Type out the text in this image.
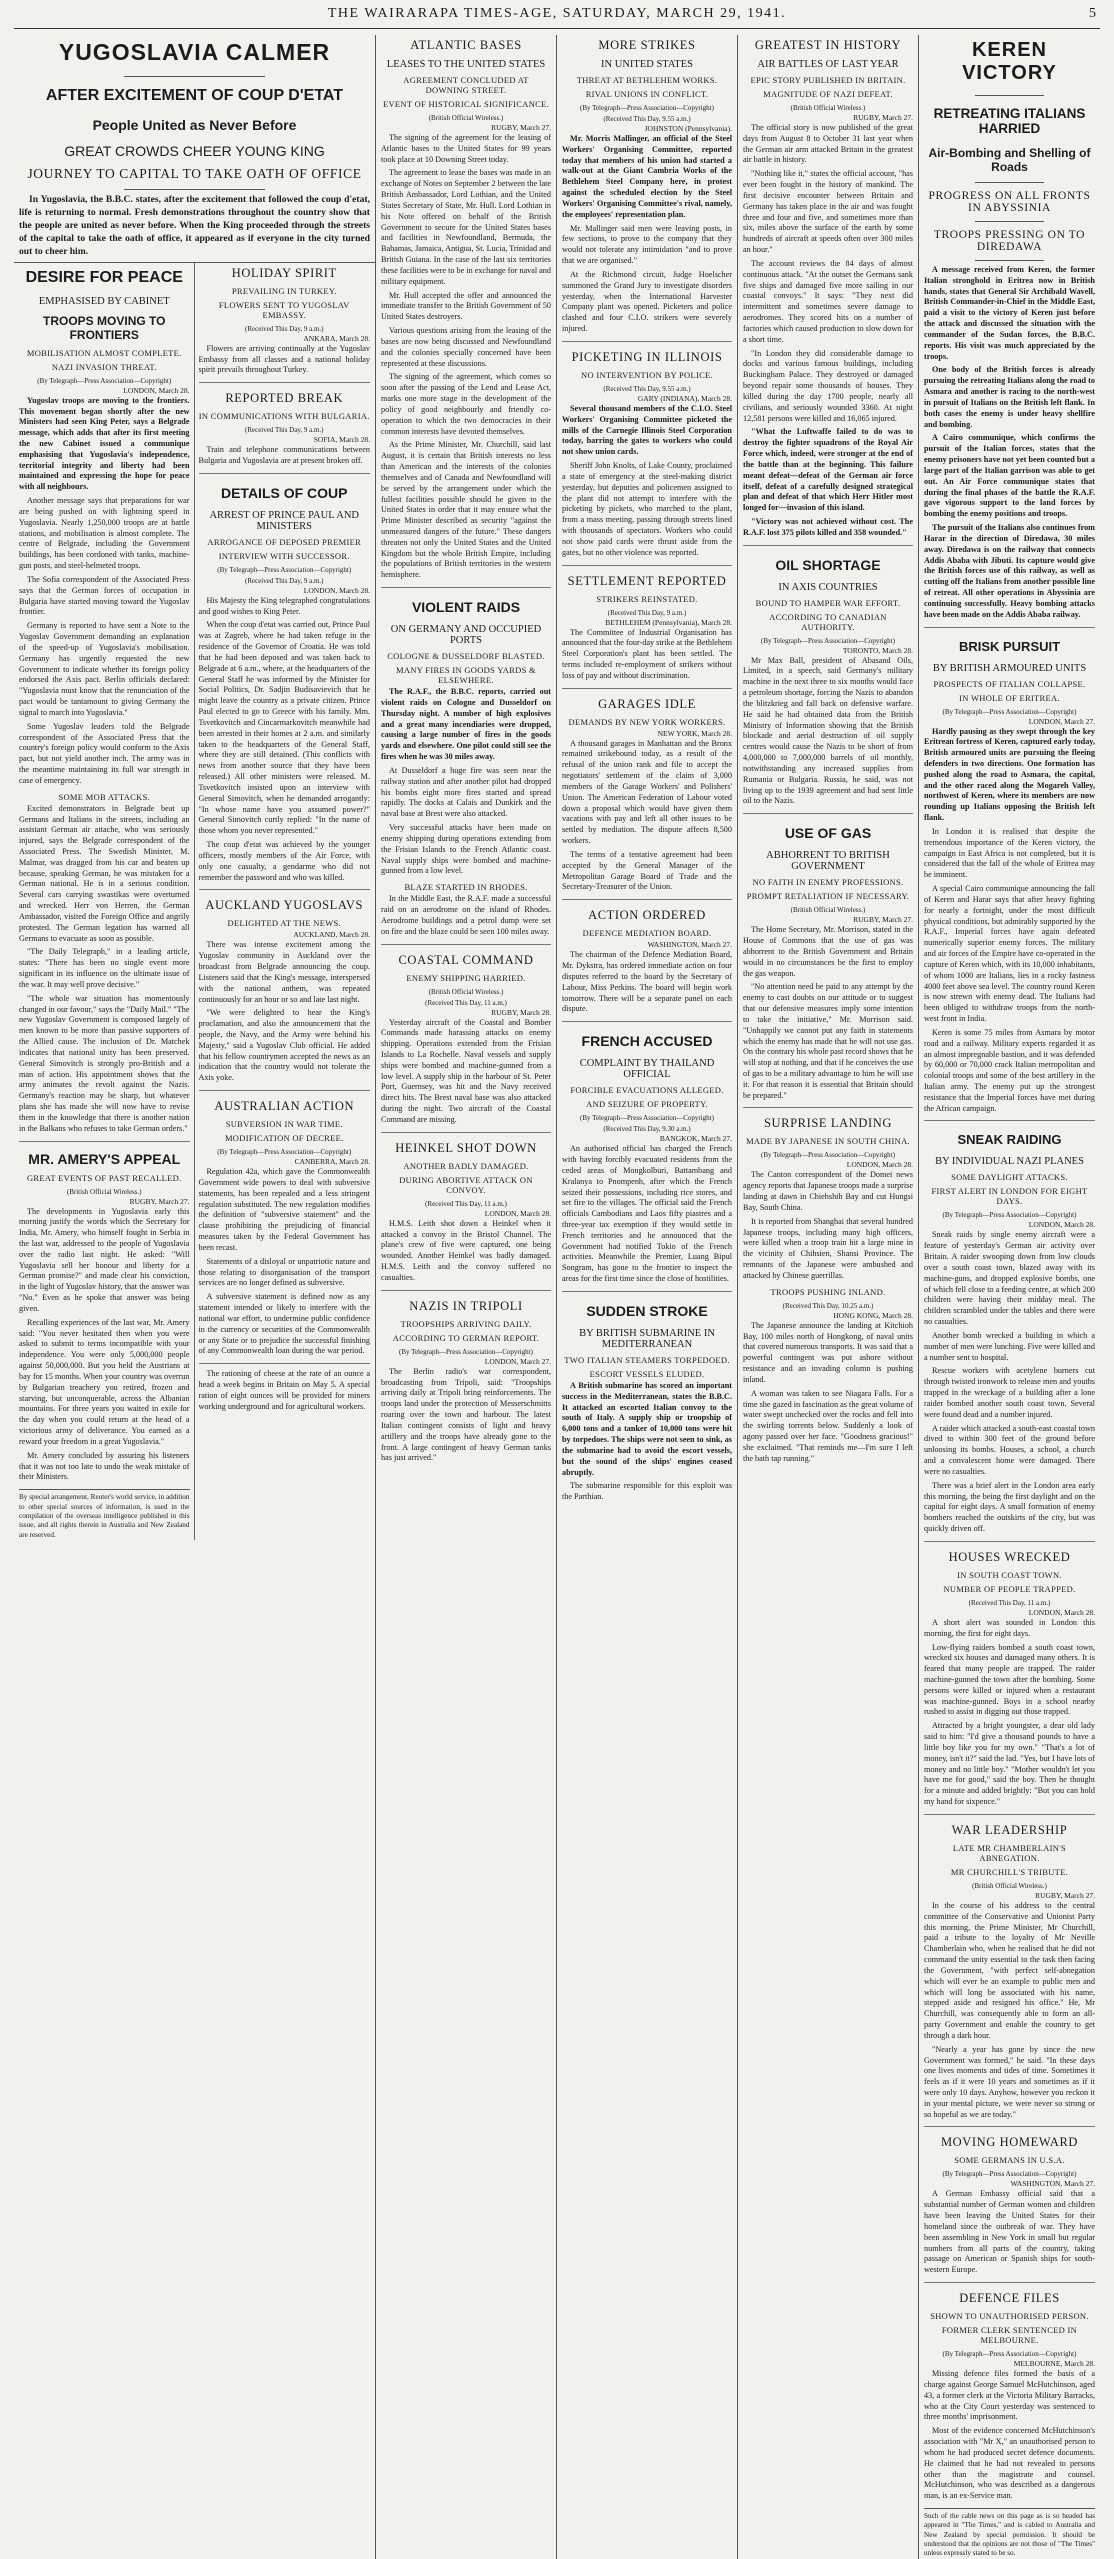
THE WAIRARAPA TIMES-AGE, SATURDAY, MARCH 29, 1941.	5
YUGOSLAVIA CALMER
AFTER EXCITEMENT OF COUP D'ETAT
People United as Never Before
GREAT CROWDS CHEER YOUNG KING
JOURNEY TO CAPITAL TO TAKE OATH OF OFFICE

In Yugoslavia, the B.B.C. states, after the excitement that followed the coup d'etat, life is returning to normal. Fresh demonstrations throughout the country show that the people are united as never before. When the King proceeded through the streets of the capital to take the oath of office, it appeared as if everyone in the city turned out to cheer him.

DESIRE FOR PEACE
EMPHASISED BY CABINET
TROOPS MOVING TO FRONTIERS
MOBILISATION ALMOST COMPLETE.
NAZI INVASION THREAT.
(By Telegraph—Press Association—Copyright)
LONDON, March 28.

Yugoslav troops are moving to the frontiers. This movement began shortly after the new Ministers had seen King Peter, says a Belgrade message, which adds that after its first meeting the new Cabinet issued a communique emphasising that Yugoslavia's independence, territorial integrity and liberty had been maintained and expressing the hope for peace with all neighbours.

Another message says that preparations for war are being pushed on with lightning speed in Yugoslavia. Nearly 1,250,000 troops are at battle stations, and mobilisation is almost complete. The centre of Belgrade, including the Government buildings, has been cordoned with tanks, machine-gun posts, and steel-helmeted troops.

The Sofia correspondent of the Associated Press says that the German forces of occupation in Bulgaria have started moving toward the Yugoslav frontier.

Germany is reported to have sent a Note to the Yugoslav Government demanding an explanation of the speed-up of Yugoslavia's mobilisation. Germany has urgently requested the new Government to indicate whether its foreign policy endorsed the Axis pact. Berlin officials declared: "Yugoslavia must know that the renunciation of the pact would be tantamount to giving Germany the signal to march into Yugoslavia."

Some Yugoslav leaders told the Belgrade correspondent of the Associated Press that the country's foreign policy would conform to the Axis pact, but not yield another inch. The army was in the meantime maintaining its full war strength in case of emergency.

SOME MOB ATTACKS.

Excited demonstrators in Belgrade beat up Germans and Italians in the streets, including an assistant German air attache, who was seriously injured, says the Belgrade correspondent of the Associated Press. The Swedish Minister, M. Malmar, was dragged from his car and beaten up because, speaking German, he was mistaken for a German national. He is in a serious condition. Several cars carrying swastikas were overturned and wrecked. Herr von Herren, the German Ambassador, visited the Foreign Office and angrily protested. The German legation has warned all Germans to evacuate as soon as possible.

"The Daily Telegraph," in a leading article, states: "There has been no single event more significant in its influence on the ultimate issue of the war. It may well prove decisive."

"The whole war situation has momentously changed in our favour," says the "Daily Mail." "The new Yugoslav Government is composed largely of men known to be more than passive supporters of the Allied cause. The inclusion of Dr. Matchek indicates that national unity has been preserved. General Simovitch is strongly pro-British and a man of action. His appointment shows that the army animates the revolt against the Nazis. Germany's reaction may be sharp, but whatever plans she has made she will now have to revise them in the knowledge that there is another nation in the Balkans who refuses to take German orders."

MR. AMERY'S APPEAL
GREAT EVENTS OF PAST RECALLED.
(British Official Wireless.)
RUGBY, March 27.

The developments in Yugoslavia early this morning justify the words which the Secretary for India, Mr. Amery, who himself fought in Serbia in the last war, addressed to the people of Yugoslavia over the radio last night. He asked: "Will Yugoslavia sell her honour and liberty for a German promise?" and made clear his conviction, in the light of Yugoslav history, that the answer was "No." Even as he spoke that answer was being given.

Recalling experiences of the last war, Mr. Amery said: "You never hesitated then when you were asked to submit to terms incompatible with your independence. You were only 5,000,000 people against 50,000,000. But you held the Austrians at bay for 15 months. When your country was overrun by Bulgarian treachery you retired, frozen and starving, but unconquerable, across the Albanian mountains. For three years you waited in exile for the day when you could return at the head of a victorious army of deliverance. You earned as a reward your freedom in a great Yugoslavia."

Mr. Amery concluded by assuring his listeners that it was not too late to undo the weak mistake of their Ministers.

By special arrangement, Reuter's world service, in addition to other special sources of information, is used in the compilation of the overseas intelligence published in this issue, and all rights therein in Australia and New Zealand are reserved.
HOLIDAY SPIRIT
PREVAILING IN TURKEY.
FLOWERS SENT TO YUGOSLAV EMBASSY.
(Received This Day, 9 a.m.)
ANKARA, March 28.

Flowers are arriving continually at the Yugoslav Embassy from all classes and a national holiday spirit prevails throughout Turkey.

REPORTED BREAK
IN COMMUNICATIONS WITH BULGARIA.
(Received This Day, 9 a.m.)
SOFIA, March 28.

Train and telephone communications between Bulgaria and Yugoslavia are at present broken off.

DETAILS OF COUP
ARREST OF PRINCE PAUL AND MINISTERS
ARROGANCE OF DEPOSED PREMIER
INTERVIEW WITH SUCCESSOR.
(By Telegraph—Press Association—Copyright)
(Received This Day, 9 a.m.)
LONDON, March 28.

His Majesty the King telegraphed congratulations and good wishes to King Peter.

When the coup d'etat was carried out, Prince Paul was at Zagreb, where he had taken refuge in the residence of the Governor of Croatia. He was told that he had been deposed and was taken back to Belgrade at 6 a.m., where, at the headquarters of the General Staff he was informed by the Minister for Social Politics, Dr. Sadjin Budisavievich that he might leave the country as a private citizen. Prince Paul elected to go to Greece with his family. Mm. Tsvetkovitch and Cincarmarkovitch meanwhile had been arrested in their homes at 2 a.m. and similarly taken to the headquarters of the General Staff, where they are still detained. (This conflicts with news from another source that they have been released.) All other ministers were released. M. Tsvetkovitch insisted upon an interview with General Simovitch, when he demanded arrogantly: "In whose name have you assumed power?" General Simovitch curtly replied: "In the name of those whom you never represented."

The coup d'etat was achieved by the younger officers, mostly members of the Air Force, with only one casualty, a gendarme who did not remember the password and who was killed.

AUCKLAND YUGOSLAVS
DELIGHTED AT THE NEWS.
AUCKLAND, March 28.

There was intense excitement among the Yugoslav community in Auckland over the broadcast from Belgrade announcing the coup. Listeners said that the King's message, interspersed with the national anthem, was repeated continuously for an hour or so and late last night.

"We were delighted to hear the King's proclamation, and also the announcement that the people, the Navy, and the Army were behind his Majesty," said a Yugoslav Club official. He added that his fellow countrymen accepted the news as an indication that the country would not tolerate the Axis yoke.

AUSTRALIAN ACTION
SUBVERSION IN WAR TIME.
MODIFICATION OF DECREE.
(By Telegraph—Press Association—Copyright)
CANBERRA, March 28.

Regulation 42a, which gave the Commonwealth Government wide powers to deal with subversive statements, has been repealed and a less stringent regulation substituted. The new regulation modifies the definition of "subversive statement" and the clause prohibiting the prejudicing of financial measures taken by the Federal Government has been recast.

Statements of a disloyal or unpatriotic nature and those relating to disorganisation of the transport services are no longer defined as subversive.

A subversive statement is defined now as any statement intended or likely to interfere with the national war effort, to undermine public confidence in the currency or securities of the Commonwealth or any State or to prejudice the successful finishing of any Commonwealth loan during the war period.

The rationing of cheese at the rate of an ounce a head a week begins in Britain on May 5. A special ration of eight ounces will be provided for miners working underground and for agricultural workers.

ATLANTIC BASES
LEASES TO THE UNITED STATES
AGREEMENT CONCLUDED AT DOWNING STREET.
EVENT OF HISTORICAL SIGNIFICANCE.
(British Official Wireless.)
RUGBY, March 27.

The signing of the agreement for the leasing of Atlantic bases to the United States for 99 years took place at 10 Downing Street today.

The agreement to lease the bases was made in an exchange of Notes on September 2 between the late British Ambassador, Lord Lothian, and the United States Secretary of State, Mr. Hull. Lord Lothian in his Note offered on behalf of the British Government to secure for the United States bases and facilities in Newfoundland, Bermuda, the Bahamas, Jamaica, Antigua, St. Lucia, Trinidad and British Guiana. In the case of the last six territories these facilities were to be in exchange for naval and military equipment.

Mr. Hull accepted the offer and announced the immediate transfer to the British Government of 50 United States destroyers.

Various questions arising from the leasing of the bases are now being discussed and Newfoundland and the colonies specially concerned have been represented at these discussions.

The signing of the agreement, which comes so soon after the passing of the Lend and Lease Act, marks one more stage in the development of the policy of good neighbourly and friendly co-operation to which the two democracies in their common interests have devoted themselves.

As the Prime Minister, Mr. Churchill, said last August, it is certain that British interests no less than American and the interests of the colonies themselves and of Canada and Newfoundland will be served by the arrangement under which the fullest facilities possible should be given to the United States in order that it may ensure what the Prime Minister described as security "against the unmeasured dangers of the future." These dangers threaten not only the United States and the United Kingdom but the whole British Empire, including the populations of British territories in the western hemisphere.

VIOLENT RAIDS
ON GERMANY AND OCCUPIED PORTS
COLOGNE & DUSSELDORF BLASTED.
MANY FIRES IN GOODS YARDS & ELSEWHERE.

The R.A.F., the B.B.C. reports, carried out violent raids on Cologne and Dusseldorf on Thursday night. A number of high explosives and a great many incendiaries were dropped, causing a large number of fires in the goods yards and elsewhere. One pilot could still see the fires when he was 30 miles away.

At Dusseldorf a huge fire was seen near the railway station and after another pilot had dropped his bombs eight more fires started and spread rapidly. The docks at Calais and Dunkirk and the naval base at Brest were also attacked.

Very successful attacks have been made on enemy shipping during operations extending from the Frisian Islands to the French Atlantic coast. Naval supply ships were bombed and machine-gunned from a low level.

BLAZE STARTED IN RHODES.

In the Middle East, the R.A.F. made a successful raid on an aerodrome on the island of Rhodes. Aerodrome buildings and a petrol dump were set on fire and the blaze could be seen 100 miles away.

COASTAL COMMAND
ENEMY SHIPPING HARRIED.
(British Official Wireless.)
(Received This Day, 11 a.m.)
RUGBY, March 28.

Yesterday aircraft of the Coastal and Bomber Commands made harassing attacks on enemy shipping. Operations extended from the Frisian Islands to La Rochelle. Naval vessels and supply ships were bombed and machine-gunned from a low level. A supply ship in the harbour of St. Peter Port, Guernsey, was hit and the Navy received direct hits. The Brest naval base was also attacked during the night. Two aircraft of the Coastal Command are missing.

HEINKEL SHOT DOWN
ANOTHER BADLY DAMAGED.
DURING ABORTIVE ATTACK ON CONVOY.
(Received This Day, 11 a.m.)
LONDON, March 28.

H.M.S. Leith shot down a Heinkel when it attacked a convoy in the Bristol Channel. The plane's crew of five were captured, one being wounded. Another Heinkel was badly damaged. H.M.S. Leith and the convoy suffered no casualties.

NAZIS IN TRIPOLI
TROOPSHIPS ARRIVING DAILY.
ACCORDING TO GERMAN REPORT.
(By Telegraph—Press Association—Copyright)
LONDON, March 27.

The Berlin radio's war correspondent, broadcasting from Tripoli, said: "Troopships arriving daily at Tripoli bring reinforcements. The troops land under the protection of Messerschmitts roaring over the town and harbour. The latest Italian contingent consists of light and heavy artillery and the troops have already gone to the front. A large contingent of heavy German tanks has just arrived."

MORE STRIKES
IN UNITED STATES
THREAT AT BETHLEHEM WORKS.
RIVAL UNIONS IN CONFLICT.
(By Telegraph—Press Association—Copyright)
(Received This Day, 9.55 a.m.)
JOHNSTON (Pennsylvania).

Mr. Morris Mallinger, an official of the Steel Workers' Organising Committee, reported today that members of his union had started a walk-out at the Giant Cambria Works of the Bethlehem Steel Company here, in protest against the scheduled election by the Steel Workers' Organising Committee's rival, namely, the employees' representation plan.

Mr. Mallinger said men were leaving posts, in few sections, to prove to the company that they would not tolerate any intimidation "and to prove that we are organised."

At the Richmond circuit, Judge Hoelscher summoned the Grand Jury to investigate disorders yesterday, when the International Harvester Company plant was opened. Picketers and police clashed and four C.I.O. strikers were severely injured.

PICKETING IN ILLINOIS
NO INTERVENTION BY POLICE.
(Received This Day, 9.55 a.m.)
GARY (INDIANA), March 28.

Several thousand members of the C.I.O. Steel Workers' Organising Committee picketed the mills of the Carnegie Illinois Steel Corporation today, barring the gates to workers who could not show union cards.

Sheriff John Knolts, of Lake County, proclaimed a state of emergency at the steel-making district yesterday, but deputies and policemen assigned to the plant did not attempt to interfere with the picketing by pickets, who marched to the plant, from a mass meeting, passing through streets lined with thousands of spectators. Workers who could not show paid cards were thrust aside from the gates, but no other violence was reported.

SETTLEMENT REPORTED
STRIKERS REINSTATED.
(Received This Day, 9 a.m.)
BETHLEHEM (Pennsylvania), March 28.

The Committee of Industrial Organisation has announced that the four-day strike at the Bethlehem Steel Corporation's plant has been settled. The terms included re-employment of strikers without loss of pay and without discrimination.

GARAGES IDLE
DEMANDS BY NEW YORK WORKERS.
NEW YORK, March 28.

A thousand garages in Manhattan and the Bronx remained strikebound today, as a result of the refusal of the union rank and file to accept the negotiators' settlement of the claim of 3,000 members of the Garage Workers' and Polishers' Union. The American Federation of Labour voted down a proposal which would have given them vacations with pay and left all other issues to be settled by mediation. The dispute affects 8,500 workers.

The terms of a tentative agreement had been accepted by the General Manager of the Metropolitan Garage Board of Trade and the Secretary-Treasurer of the Union.

ACTION ORDERED
DEFENCE MEDIATION BOARD.
WASHINGTON, March 27.

The chairman of the Defence Mediation Board, Mr. Dykstra, has ordered immediate action on four disputes referred to the board by the Secretary of Labour, Miss Perkins. The board will begin work tomorrow. There will be a separate panel on each dispute.

FRENCH ACCUSED
COMPLAINT BY THAILAND OFFICIAL
FORCIBLE EVACUATIONS ALLEGED.
AND SEIZURE OF PROPERTY.
(By Telegraph—Press Association—Copyright)
(Received This Day, 9.30 a.m.)
BANGKOK, March 27.

An authorised official has charged the French with having forcibly evacuated residents from the ceded areas of Mongkolburi, Battambang and Kralanya to Pnompenh, after which the French seized their possessions, including rice stores, and set fire to the villages. The official said the French officials Cambodians and Laos fifty piastres and a three-year tax exemption if they would settle in French territories and he announced that the Government had notified Tokio of the French activities. Meanwhile the Premier, Luang Bipul Songram, has gone to the frontier to inspect the areas for the first time since the close of hostilities.

SUDDEN STROKE
BY BRITISH SUBMARINE IN MEDITERRANEAN
TWO ITALIAN STEAMERS TORPEDOED.
ESCORT VESSELS ELUDED.

A British submarine has scored an important success in the Mediterranean, states the B.B.C. It attacked an escorted Italian convoy to the south of Italy. A supply ship or troopship of 6,000 tons and a tanker of 10,000 tons were hit by torpedoes. The ships were not seen to sink, as the submarine had to avoid the escort vessels, but the sound of the ships' engines ceased abruptly.

The submarine responsible for this exploit was the Parthian.

GREATEST IN HISTORY
AIR BATTLES OF LAST YEAR
EPIC STORY PUBLISHED IN BRITAIN.
MAGNITUDE OF NAZI DEFEAT.
(British Official Wireless.)
RUGBY, March 27.

The official story is now published of the great days from August 8 to October 31 last year when the German air arm attacked Britain in the greatest air battle in history.

"Nothing like it," states the official account, "has ever been fought in the history of mankind. The first decisive encounter between Britain and Germany has taken place in the air and was fought three and four and five, and sometimes more than six, miles above the surface of the earth by some hundreds of aircraft at speeds often over 300 miles an hour."

The account reviews the 84 days of almost continuous attack. "At the outset the Germans sank five ships and damaged five more sailing in our coastal convoys." It says: "They next did intermittent and sometimes severe damage to aerodromes. They scored hits on a number of factories which caused production to slow down for a short time.

"In London they did considerable damage to docks and various famous buildings, including Buckingham Palace. They destroyed or damaged beyond repair some thousands of houses. They killed during the day 1700 people, nearly all civilians, and seriously wounded 3360. At night 12,581 persons were killed and 16,065 injured.

"What the Luftwaffe failed to do was to destroy the fighter squadrons of the Royal Air Force which, indeed, were stronger at the end of the battle than at the beginning. This failure meant defeat—defeat of the German air force itself, defeat of a carefully designed strategical plan and defeat of that which Herr Hitler most longed for—invasion of this island.

"Victory was not achieved without cost. The R.A.F. lost 375 pilots killed and 358 wounded."

OIL SHORTAGE
IN AXIS COUNTRIES
BOUND TO HAMPER WAR EFFORT.
ACCORDING TO CANADIAN AUTHORITY.
(By Telegraph—Press Association—Copyright)
TORONTO, March 28.

Mr Max Ball, president of Abasand Oils, Limited, in a speech, said Germany's military machine in the next three to six months would face a petroleum shortage, forcing the Nazis to abandon the blitzkrieg and fall back on defensive warfare. He said he had obtained data from the British Ministry of Information showing that the British blockade and aerial destruction of oil supply centres would cause the Nazis to be short of from 4,000,000 to 7,000,000 barrels of oil monthly, notwithstanding any increased supplies from Rumania or Bulgaria. Russia, he said, was not living up to the 1939 agreement and had sent little oil to the Nazis.

USE OF GAS
ABHORRENT TO BRITISH GOVERNMENT
NO FAITH IN ENEMY PROFESSIONS.
PROMPT RETALIATION IF NECESSARY.
(British Official Wireless.)
RUGBY, March 27.

The Home Secretary, Mr. Morrison, stated in the House of Commons that the use of gas was abhorrent to the British Government and Britain would in no circumstances be the first to employ the gas weapon.

"No attention need be paid to any attempt by the enemy to cast doubts on our attitude or to suggest that our defensive measures imply some intention to take the initiative," Mr. Morrison said. "Unhappily we cannot put any faith in statements which the enemy has made that he will not use gas. On the contrary his whole past record shows that he will stop at nothing, and that if he conceives the use of gas to be a military advantage to him he will use it. For that reason it is essential that Britain should be prepared."

SURPRISE LANDING
MADE BY JAPANESE IN SOUTH CHINA.
(By Telegraph—Press Association—Copyright)
LONDON, March 28.

The Canton correspondent of the Domei news agency reports that Japanese troops made a surprise landing at dawn in Chiehshih Bay and cut Hungsi Bay, South China.

It is reported from Shanghai that several hundred Japanese troops, including many high officers, were killed when a troop train hit a large mine in the vicinity of Chihsien, Shansi Province. The remnants of the Japanese were ambushed and attacked by Chinese guerrillas.

TROOPS PUSHING INLAND.
(Received This Day, 10.25 a.m.)
HONG KONG, March 28.

The Japanese announce the landing at Kitchioh Bay, 100 miles north of Hongkong, of naval units that covered numerous transports. It was said that a powerful contingent was put ashore without resistance and an invading column is pushing inland.

A woman was taken to see Niagara Falls. For a time she gazed in fascination as the great volume of water swept unchecked over the rocks and fell into the swirling torrents below. Suddenly a look of agony passed over her face. "Goodness gracious!" she exclaimed. "That reminds me—I'm sure I left the bath tap running."

KEREN VICTORY
RETREATING ITALIANS HARRIED
Air-Bombing and Shelling of Roads
PROGRESS ON ALL FRONTS IN ABYSSINIA
TROOPS PRESSING ON TO DIREDAWA

A message received from Keren, the former Italian stronghold in Eritrea now in British hands, states that General Sir Archibald Wavell, British Commander-in-Chief in the Middle East, paid a visit to the victory of Keren just before the attack and discussed the situation with the commander of the Sudan forces, the B.B.C. reports. His visit was much appreciated by the troops.

One body of the British forces is already pursuing the retreating Italians along the road to Asmara and another is racing to the north-west in pursuit of Italians on the British left flank. In both cases the enemy is under heavy shellfire and bombing.

A Cairo communique, which confirms the pursuit of the Italian forces, states that the enemy prisoners have not yet been counted but a large part of the Italian garrison was able to get out. An Air Force communique states that during the final phases of the battle the R.A.F. gave vigorous support to the land forces by bombing the enemy positions and troops.

The pursuit of the Italians also continues from Harar in the direction of Diredawa, 30 miles away. Diredawa is on the railway that connects Addis Ababa with Jibuti. Its capture would give the British forces use of this railway, as well as cutting off the Italians from another possible line of retreat. All other operations in Abyssinia are continuing successfully. Heavy bombing attacks have been made on the Addis Ababa railway.

BRISK PURSUIT
BY BRITISH ARMOURED UNITS
PROSPECTS OF ITALIAN COLLAPSE.
IN WHOLE OF ERITREA.
(By Telegraph—Press Association—Copyright)
LONDON, March 27.

Hardly pausing as they swept through the key Eritrean fortress of Keren, captured early today, British armoured units are pursuing the fleeing defenders in two directions. One formation has pushed along the road to Asmara, the capital, and the other raced along the Mogareh Valley, northwest of Keren, where its members are now rounding up Italians opposing the British left flank.

In London it is realised that despite the tremendous importance of the Keren victory, the campaign in East Africa is not completed, but it is considered that the fall of the whole of Eritrea may be imminent.

A special Cairo communique announcing the fall of Keren and Harar says that after heavy fighting for nearly a fortnight, under the most difficult physical conditions, but admirably supported by the R.A.F., Imperial forces have again defeated numerically superior enemy forces. The military and air forces of the Empire have co-operated in the capture of Keren which, with its 10,000 inhabitants, of whom 1000 are Italians, lies in a rocky fastness 4000 feet above sea level. The country round Keren is now strewn with enemy dead. The Italians had been obliged to withdraw troops from the north-west front in India.

Keren is some 75 miles from Asmara by motor road and a railway. Military experts regarded it as an almost impregnable bastion, and it was defended by 60,000 or 70,000 crack Italian metropolitan and colonial troops and some of the best artillery in the Italian army. The enemy put up the strongest resistance that the Imperial forces have met during the African campaign.

SNEAK RAIDING
BY INDIVIDUAL NAZI PLANES
SOME DAYLIGHT ATTACKS.
FIRST ALERT IN LONDON FOR EIGHT DAYS.
(By Telegraph—Press Association—Copyright)
LONDON, March 28.

Sneak raids by single enemy aircraft were a feature of yesterday's German air activity over Britain. A raider swooping down from low clouds over a south coast town, blazed away with its machine-guns, and dropped explosive bombs, one of which fell close to a feeding centre, at which 200 children were having their midday meal. The children scrambled under the tables and there were no casualties.

Another bomb wrecked a building in which a number of men were lunching. Five were killed and a number sent to hospital.

Rescue workers with acetylene burners cut through twisted ironwork to release men and youths trapped in the wreckage of a building after a lone raider bombed another south coast town. Several were found dead and a number injured.

A raider which attacked a south-east coastal town dived to within 300 feet of the ground before unloosing its bombs. Houses, a school, a church and a convalescent home were damaged. There were no casualties.

There was a brief alert in the London area early this morning, the being the first daylight and on the capital for eight days. A small formation of enemy bombers reached the outskirts of the city, but was quickly driven off.

HOUSES WRECKED
IN SOUTH COAST TOWN.
NUMBER OF PEOPLE TRAPPED.
(Received This Day, 11 a.m.)
LONDON, March 28.

A short alert was sounded in London this morning, the first for eight days.

Low-flying raiders bombed a south coast town, wrecked six houses and damaged many others. It is feared that many people are trapped. The raider machine-gunned the town after the bombing. Some persons were killed or injured when a restaurant was machine-gunned. Boys in a school nearby rushed to assist in digging out those trapped.

Attracted by a bright youngster, a dear old lady said to him: "I'd give a thousand pounds to have a little boy like you for my own." "That's a lot of money, isn't it?" said the lad. "Yes, but I have lots of money and no little boy." "Mother wouldn't let you have me for good," said the boy. Then he thought for a minute and added brightly: "But you can hold my hand for sixpence."

WAR LEADERSHIP
LATE MR CHAMBERLAIN'S ABNEGATION.
MR CHURCHILL'S TRIBUTE.
(British Official Wireless.)
RUGBY, March 27.

In the course of his address to the central committee of the Conservative and Unionist Party this morning, the Prime Minister, Mr Churchill, paid a tribute to the loyalty of Mr Neville Chamberlain who, when he realised that he did not command the unity essential to the task then facing the Government, "with perfect self-abnegation which will ever be an example to public men and which will long be associated with his name, stepped aside and resigned his office." He, Mr Churchill, was consequently able to form an all-party Government and enable the country to get through a dark hour.

"Nearly a year has gone by since the new Government was formed," he said. "In these days one lives moments and tides of time. Sometimes it feels as if it were 10 years and sometimes as if it were only 10 days. Anyhow, however you reckon it in your mental picture, we were never so strong or so hopeful as we are today."

MOVING HOMEWARD
SOME GERMANS IN U.S.A.
(By Telegraph—Press Association—Copyright)
WASHINGTON, March 27.

A German Embassy official said that a substantial number of German women and children have been leaving the United States for their homeland since the outbreak of war. They have been assembling in New York in small but regular numbers from all parts of the country, taking passage on American or Spanish ships for south-western Europe.

DEFENCE FILES
SHOWN TO UNAUTHORISED PERSON.
FORMER CLERK SENTENCED IN MELBOURNE.
(By Telegraph—Press Association—Copyright)
MELBOURNE, March 28.

Missing defence files formed the basis of a charge against George Samuel McHutchinson, aged 43, a former clerk at the Victoria Military Barracks, who at the City Court yesterday was sentenced to three months' imprisonment.

Most of the evidence concerned McHutchinson's association with "Mr X," an unauthorised person to whom he had produced secret defence documents. He claimed that he had not revealed to persons other than the magistrate and counsel. McHutchinson, who was described as a dangerous man, is an ex-Service man.

Such of the cable news on this page as is so headed has appeared in "The Times," and is cabled to Australia and New Zealand by special permission. It should be understood that the opinions are not those of "The Times" unless expressly stated to be so.
